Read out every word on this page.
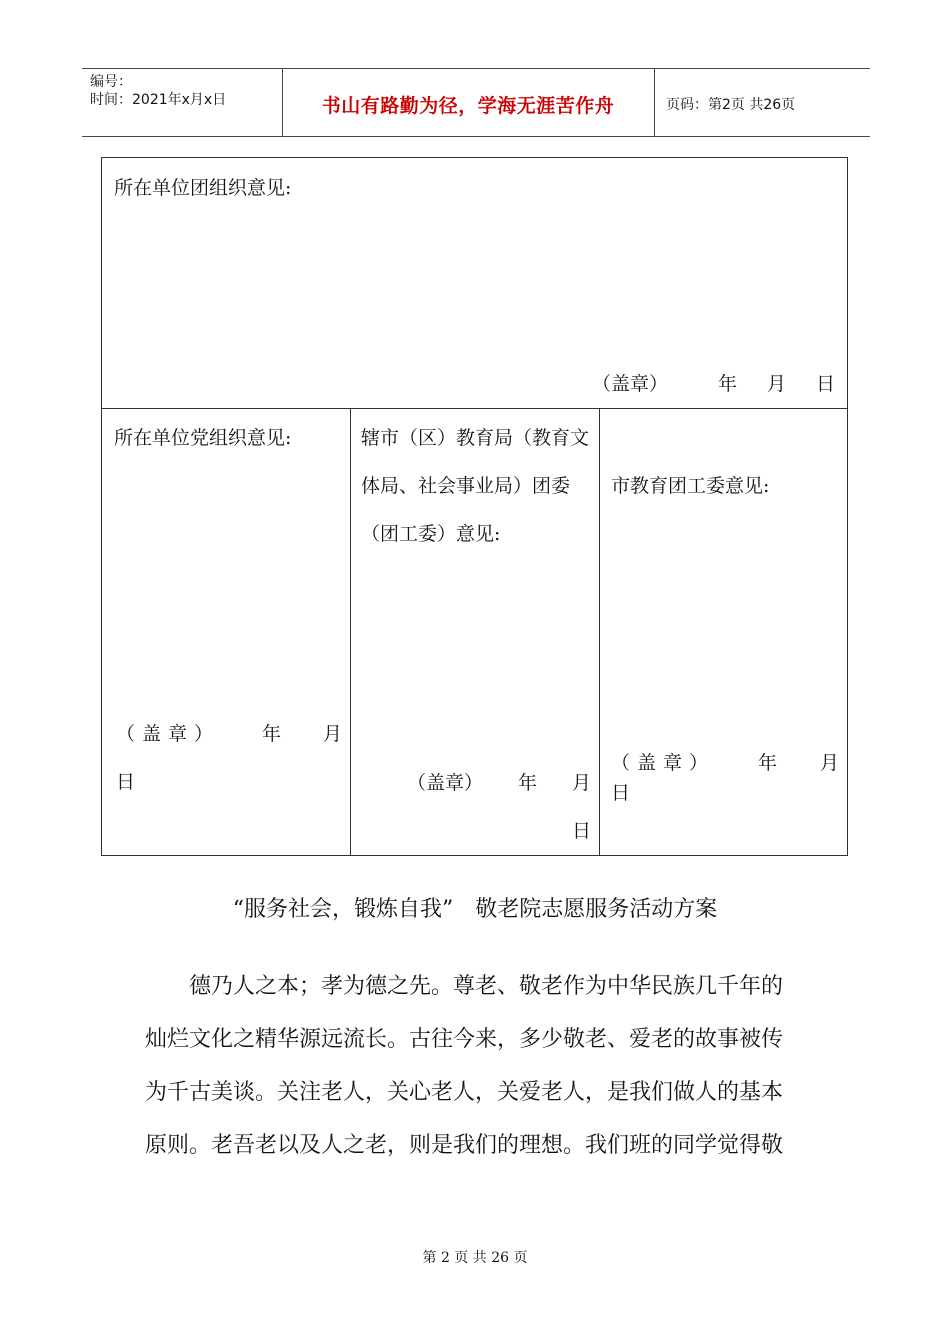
编号：
时间：2021年x月x日	书山有路勤为径，学海无涯苦作舟	页码：第2页 共26页
所在单位团组织意见:
（盖章）	年 月 日
所在单位党组织意见:
（盖章） 年 月
日
辖市（区）教育局（教育文
体局、社会事业局）团委
（团工委）意见:
（盖章） 年 月
日
市教育团工委意见:
（盖章） 年 月
日
“服务社会，锻炼自我”　敬老院志愿服务活动方案

　　德乃人之本；孝为德之先。尊老、敬老作为中华民族几千年的

灿烂文化之精华源远流长。古往今来，多少敬老、爱老的故事被传

为千古美谈。关注老人，关心老人，关爱老人，是我们做人的基本

原则。老吾老以及人之老，则是我们的理想。我们班的同学觉得敬

第 2 页 共 26 页
